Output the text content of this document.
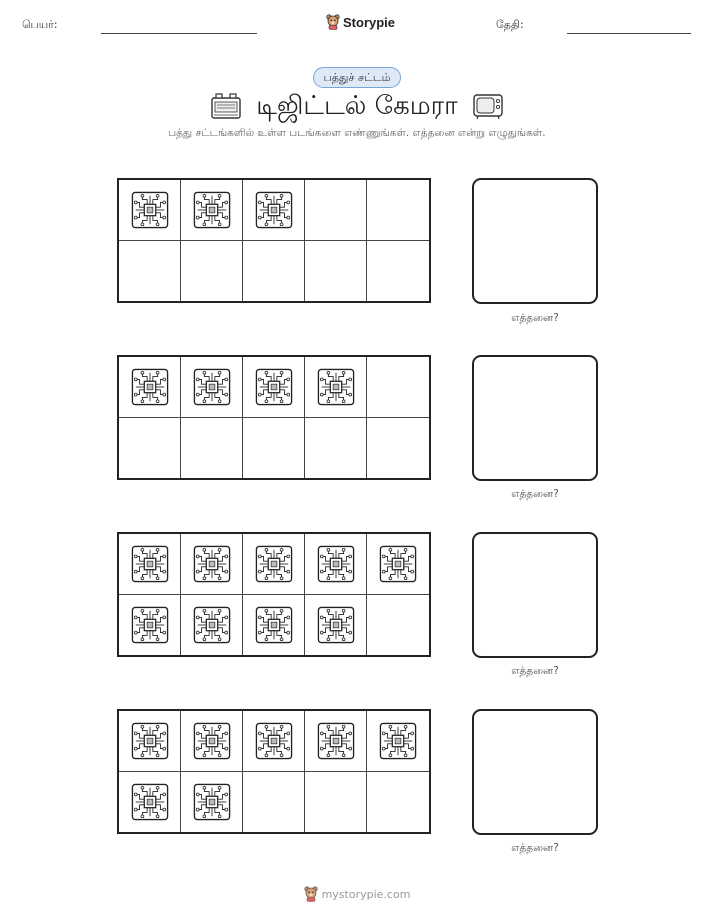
பெயர்:	Storypie	தேதி:
பத்துச் சட்டம்
டிஜிட்டல் கேமரா
பத்து சட்டங்களில் உள்ள படங்களை எண்ணுங்கள். எத்தனை என்று எழுதுங்கள்.
எத்தனை?
எத்தனை?
எத்தனை?
எத்தனை?
mystorypie.com
